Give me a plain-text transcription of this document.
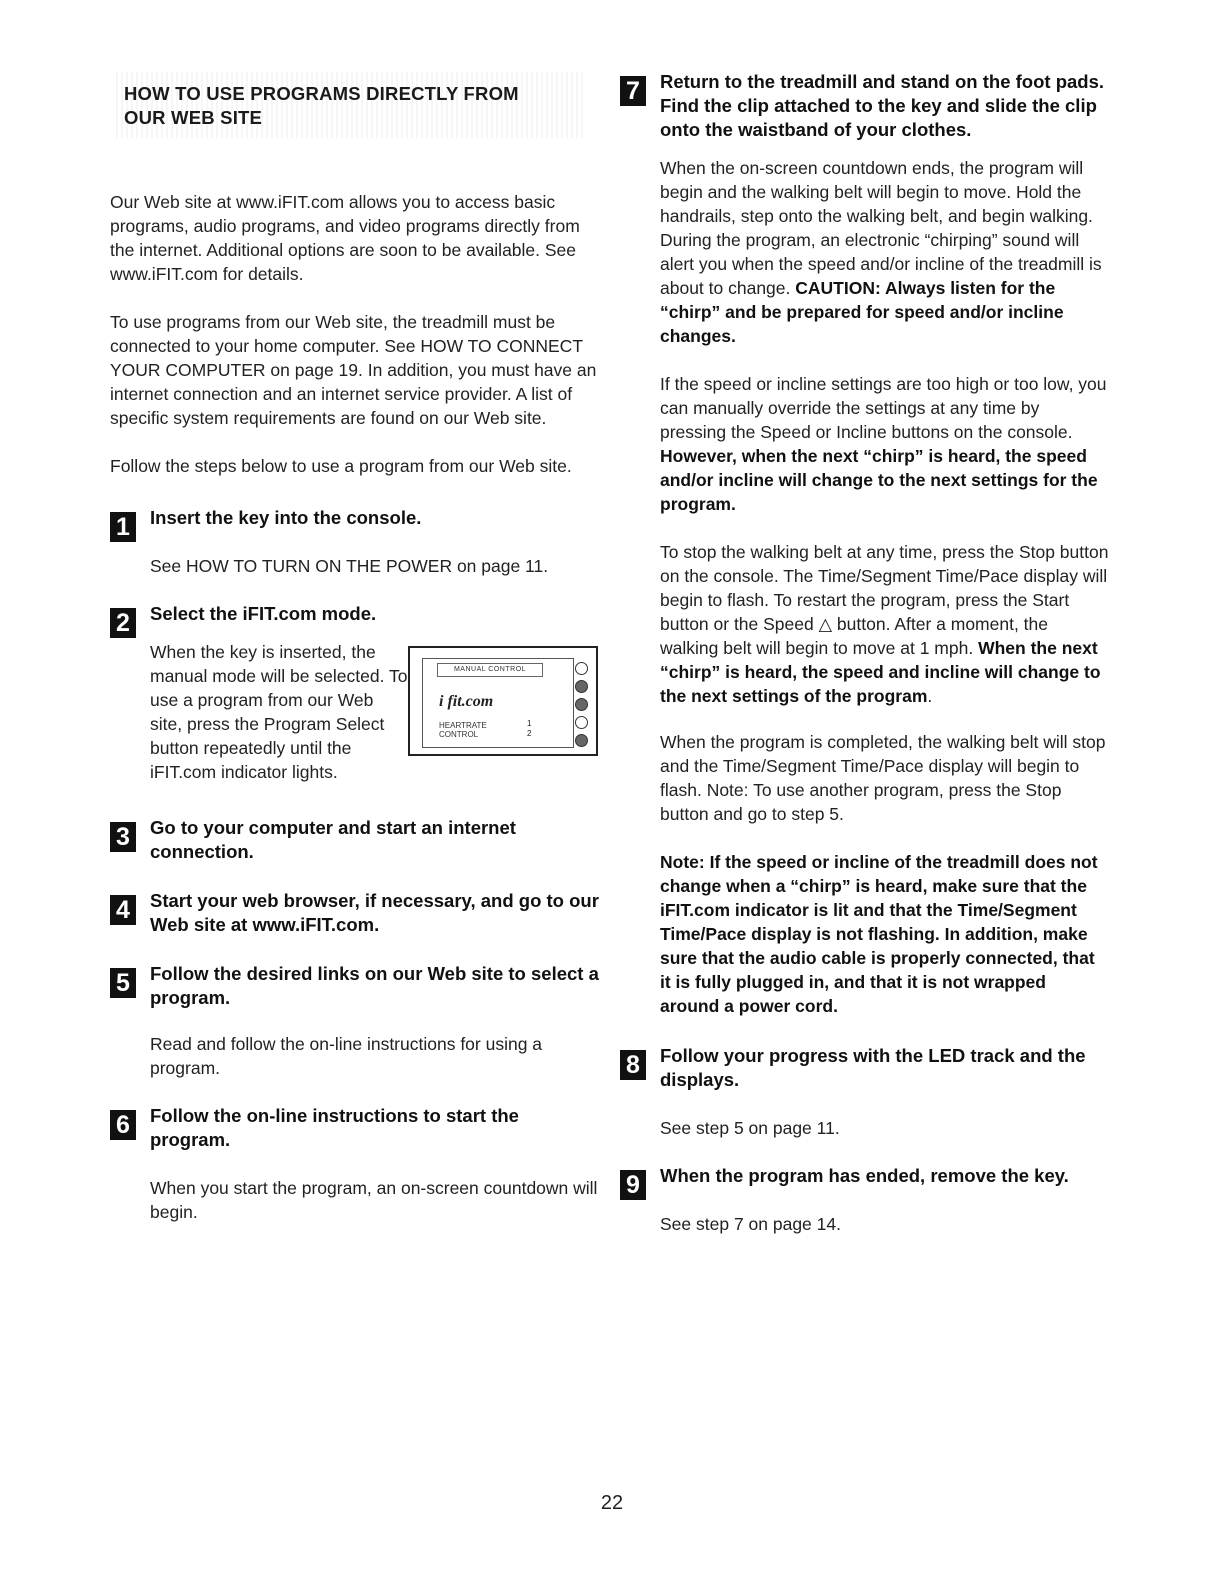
HOW TO USE PROGRAMS DIRECTLY FROM
OUR WEB SITE

Our Web site at www.iFIT.com allows you to access basic programs, audio programs, and video programs directly from the internet. Additional options are soon to be available. See www.iFIT.com for details.

To use programs from our Web site, the treadmill must be connected to your home computer. See HOW TO CONNECT YOUR COMPUTER on page 19. In addition, you must have an internet connection and an internet service provider. A list of specific system requirements are found on our Web site.

Follow the steps below to use a program from our Web site.

1	Insert the key into the console.

See HOW TO TURN ON THE POWER on page 11.

2	Select the iFIT.com mode.
MANUAL CONTROL
i fit.com
HEARTRATE
CONTROL
1
2

When the key is inserted, the manual mode will be selected. To use a program from our Web site, press the Program Select button repeatedly until the iFIT.com indicator lights.

3	Go to your computer and start an internet connection.
4	Start your web browser, if necessary, and go to our Web site at www.iFIT.com.
5	Follow the desired links on our Web site to select a program.

Read and follow the on-line instructions for using a program.

6	Follow the on-line instructions to start the program.

When you start the program, an on-screen countdown will begin.

7	Return to the treadmill and stand on the foot pads. Find the clip attached to the key and slide the clip onto the waistband of your clothes.

When the on-screen countdown ends, the program will begin and the walking belt will begin to move. Hold the handrails, step onto the walking belt, and begin walking. During the program, an electronic “chirping” sound will alert you when the speed and/or incline of the treadmill is about to change. CAUTION: Always listen for the “chirp” and be prepared for speed and/or incline changes.

If the speed or incline settings are too high or too low, you can manually override the settings at any time by pressing the Speed or Incline buttons on the console. However, when the next “chirp” is heard, the speed and/or incline will change to the next settings for the program.

To stop the walking belt at any time, press the Stop button on the console. The Time/Segment Time/Pace display will begin to flash. To restart the program, press the Start button or the Speed △ button. After a moment, the walking belt will begin to move at 1 mph. When the next “chirp” is heard, the speed and incline will change to the next settings of the program.

When the program is completed, the walking belt will stop and the Time/Segment Time/Pace display will begin to flash. Note: To use another program, press the Stop button and go to step 5.

Note: If the speed or incline of the treadmill does not change when a “chirp” is heard, make sure that the iFIT.com indicator is lit and that the Time/Segment Time/Pace display is not flashing. In addition, make sure that the audio cable is properly connected, that it is fully plugged in, and that it is not wrapped around a power cord.

8	Follow your progress with the LED track and the displays.

See step 5 on page 11.

9	When the program has ended, remove the key.

See step 7 on page 14.

22
